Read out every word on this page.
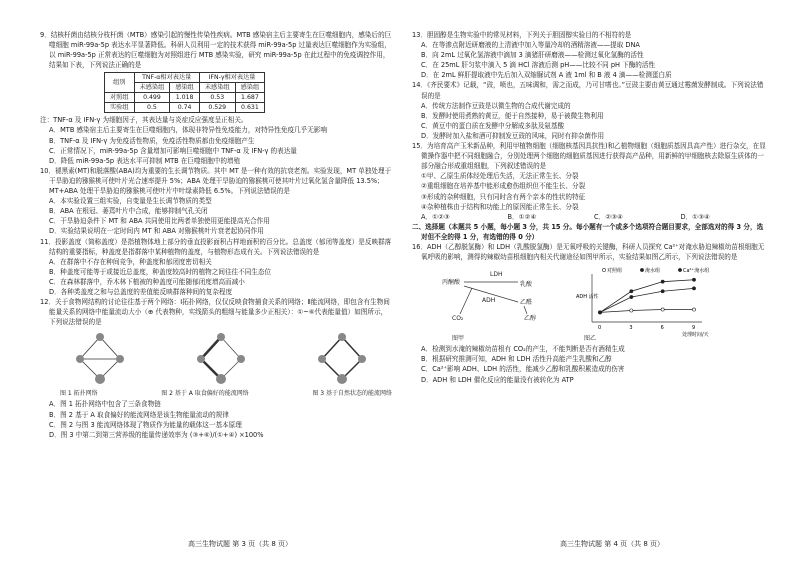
9．结核杆菌由结核分枝杆菌（MTB）感染引起的慢性传染性疾病。MTB 感染宿主后主要寄生在巨噬细胞内，感染后的巨噬细胞 miR-99a-5p 表达水平显著降低。科研人员利用一定的技术获得 miR-99a-5p 过量表达巨噬细胞作为实验组，以 miR-99a-5p 正常表达的巨噬细胞为对照组进行 MTB 感染实验，研究 miR-99a-5p 在此过程中的免疫调控作用，结果如下表，下列说法正确的是
组别	TNF-α相对表达量		IFN-γ相对表达量	
	未感染组	感染组	未感染组	感染组
对照组	0.499	1.018	0.53	1.687
实验组	0.5	0.74	0.529	0.631
注：TNF-α 及 IFN-γ 为细胞因子，其表达量与炎症反应强度呈正相关。
A．MTB 感染宿主后主要寄生在巨噬细胞内，体现非特异性免疫能力，对特异性免疫几乎无影响
B．TNF-α 及 IFN-γ 为免疫活性物质，免疫活性物质都由免疫细胞产生
C．正常情况下，miR-99a-5p 含量增加可影响巨噬细胞中 TNF-α 及 IFN-γ 的表达量
D．降低 miR-99a-5p 表达水平可抑制 MTB 在巨噬细胞中的增殖
10．褪黑素(MT)和脱落酸(ABA)均为重要的生长调节物质。其中 MT 是一种有效的抗衰老剂。实验发现，MT 单独处理于干旱胁迫的猕猴桃可使叶片光合速率提升 5%；ABA 处理干旱胁迫的猕猴桃可使其叶片过氧化氢含量降低 13.5%；MT+ABA 处理干旱胁迫的猕猴桃可使叶片中叶绿素降低 6.5%。下列说法错误的是
A．本实验设置三组实验，自变量是生长调节物质的类型
B．ABA 在根冠、萎蔫叶片中合成，能够抑制气孔关闭
C．干旱胁迫条件下 MT 和 ABA 共同使用比两者单独使用更能提高光合作用
D．实验结果说明在一定时间内 MT 和 ABA 对猕猴桃叶片衰老起协同作用
11．投影盖度（简称盖度）是指植物体地上部分的垂直投影面积占样地面积的百分比。总盖度（郁闭等盖度）是反映群落结构的重要指标，种盖度是指群落中某种植物的盖度，与植物形态成有关。下列说法错误的是
A．在群落中不存在种间竞争，种盖度和郁闭度密切相关
B．种盖度可能等于或接近总盖度，种盖度较高时的植物之间往往不同生态位
C．在森林群落中，乔木林下植被的种盖度可能随郁闭度增高而减小
D．各种类盖度之和与总盖度的差值能反映群落种间的复杂程度
12．关于食物网结构的讨论往往基于两个网络：Ⅰ拓扑网络，仅仅反映食物捕食关系的网络；Ⅱ能流网络，即包含有生物间能量关系的网络中能量流动大小（⊕ 代表物种，实线箭头的粗细与能量多少正相关）：①~⑥代表能量值）如图所示，下列说法错误的是
图 1 拓扑网络	图 2 基于 A 取食偏好的能流网络	图 3 基于自然状态的能流网络
A．图 1 拓扑网络中包含了三条食物链
B．图 2 基于 A 取食偏好的能流网络是该生物能量流动的规律
C．图 2 与图 3 能流网络体现了物质作为能量的载体这一基本原理
D．图 3 中第二到第三营养级的能量传递效率为 (③+⑥)/(①+④) ×100%
13．胆固醇是生物实验中的常见材料，下列关于胆固醇实验目的不相符的是
A．在等渗点附近研磨液的上清液中加入等量冷却的酒精溶液——提取 DNA
B．向 2mL 过氧化氢溶液中滴加 3 滴猪肝研磨液——检测过氧化氢酶的活性
C．在 25mL 肝匀浆中滴入 5 滴 HCl 溶液后测 pH——比较不同 pH 下酶的活性
D．在 2mL 鲜肝提取液中先后加入双缩脲试剂 A 液 1ml 和 B 液 4 滴——检测蛋白质
14．《齐民要术》记载，“豉，喷也，五味调和，需之而成，乃可甘嗜也。”豆豉主要由黄豆通过霉菌发酵制成。下列说法错误的是
A．传统方法制作豆豉是以微生物的合成代谢完成的
B．发酵时使用煮熟的黄豆，便于自然接种，易于被微生物利用
C．黄豆中的蛋白质在发酵中分解成多肽及氨基酸
D．发酵时加入盐和酒可抑制发豆豉的风味，同时有抑杂菌作用
15．为培育高产玉米新品种，利用甲植物细胞（细胞核基因具抗性)和乙植物细胞（细胞质基因具高产性）进行杂交，在显微操作器中把不同细胞融合，分别处理两个细胞的细胞质基因进行获得高产品种，用新鲜的甲细胞核去除原生质体的一部分融合形成重组细胞，下列叙述错误的是
①甲、乙原生质体经处理后失活，无法正常生长、分裂
②重组细胞在培养基中能形成愈伤组织但不能生长、分裂
③形成的杂种细胞，只有同时含有两个亲本的性状的特征
④杂种植株由于结构和功能上的原因能正常生长、分裂
A．①②③	B．①②④	C．②③④	D．①③④
二、选择题（本题共 5 小题，每小题 3 分，共 15 分。每小题有一个或多个选项符合题目要求，全部选对的得 3 分，选对但不全的得 1 分，有选错的得 0 分）
16．ADH（乙醇脱氢酶）和 LDH（乳酸脱氢酶）是无氧呼吸的关键酶，科研人员探究 Ca²⁺对淹水胁迫辣椒幼苗根细胞无氧呼吸的影响，测得的辣椒幼苗根细胞内相关代谢途径如图甲所示，实验结果如图乙所示，下列说法错误的是
丙酮酸
LDH
乳酸
ADH	乙醛
乙醇
CO₂
0	3	6	9
处理时间/天
ADH 活性
对照组	淹水组	Ca²⁺淹水组
图甲	图乙
A．检测到水淹的辣椒幼苗根有 CO₂的产生，不能判断是否有酒精生成
B．根据研究推测可知，ADH 和 LDH 活性升高能产生乳酸和乙醇
C．Ca²⁺影响 ADH、LDH 的活性，能减少乙醇和乳酸积累造成的伤害
D．ADH 和 LDH 催化反应的能量没有被转化为 ATP
高三生物试题 第 3 页（共 8 页）	高三生物试题 第 4 页（共 8 页）
